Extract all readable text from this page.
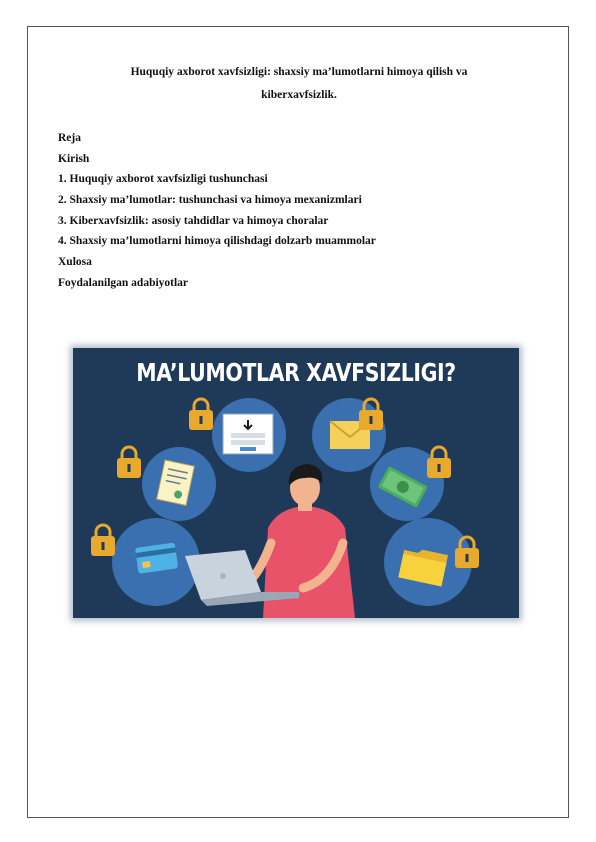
Huquqiy axborot xavfsizligi: shaxsiy ma’lumotlarni himoya qilish va
kiberxavfsizlik.
Reja
Kirish
1. Huquqiy axborot xavfsizligi tushunchasi
2. Shaxsiy ma’lumotlar: tushunchasi va himoya mexanizmlari
3. Kiberxavfsizlik: asosiy tahdidlar va himoya choralar
4. Shaxsiy ma’lumotlarni himoya qilishdagi dolzarb muammolar
Xulosa
Foydalanilgan adabiyotlar
MA’LUMOTLAR XAVFSIZLIGI?
